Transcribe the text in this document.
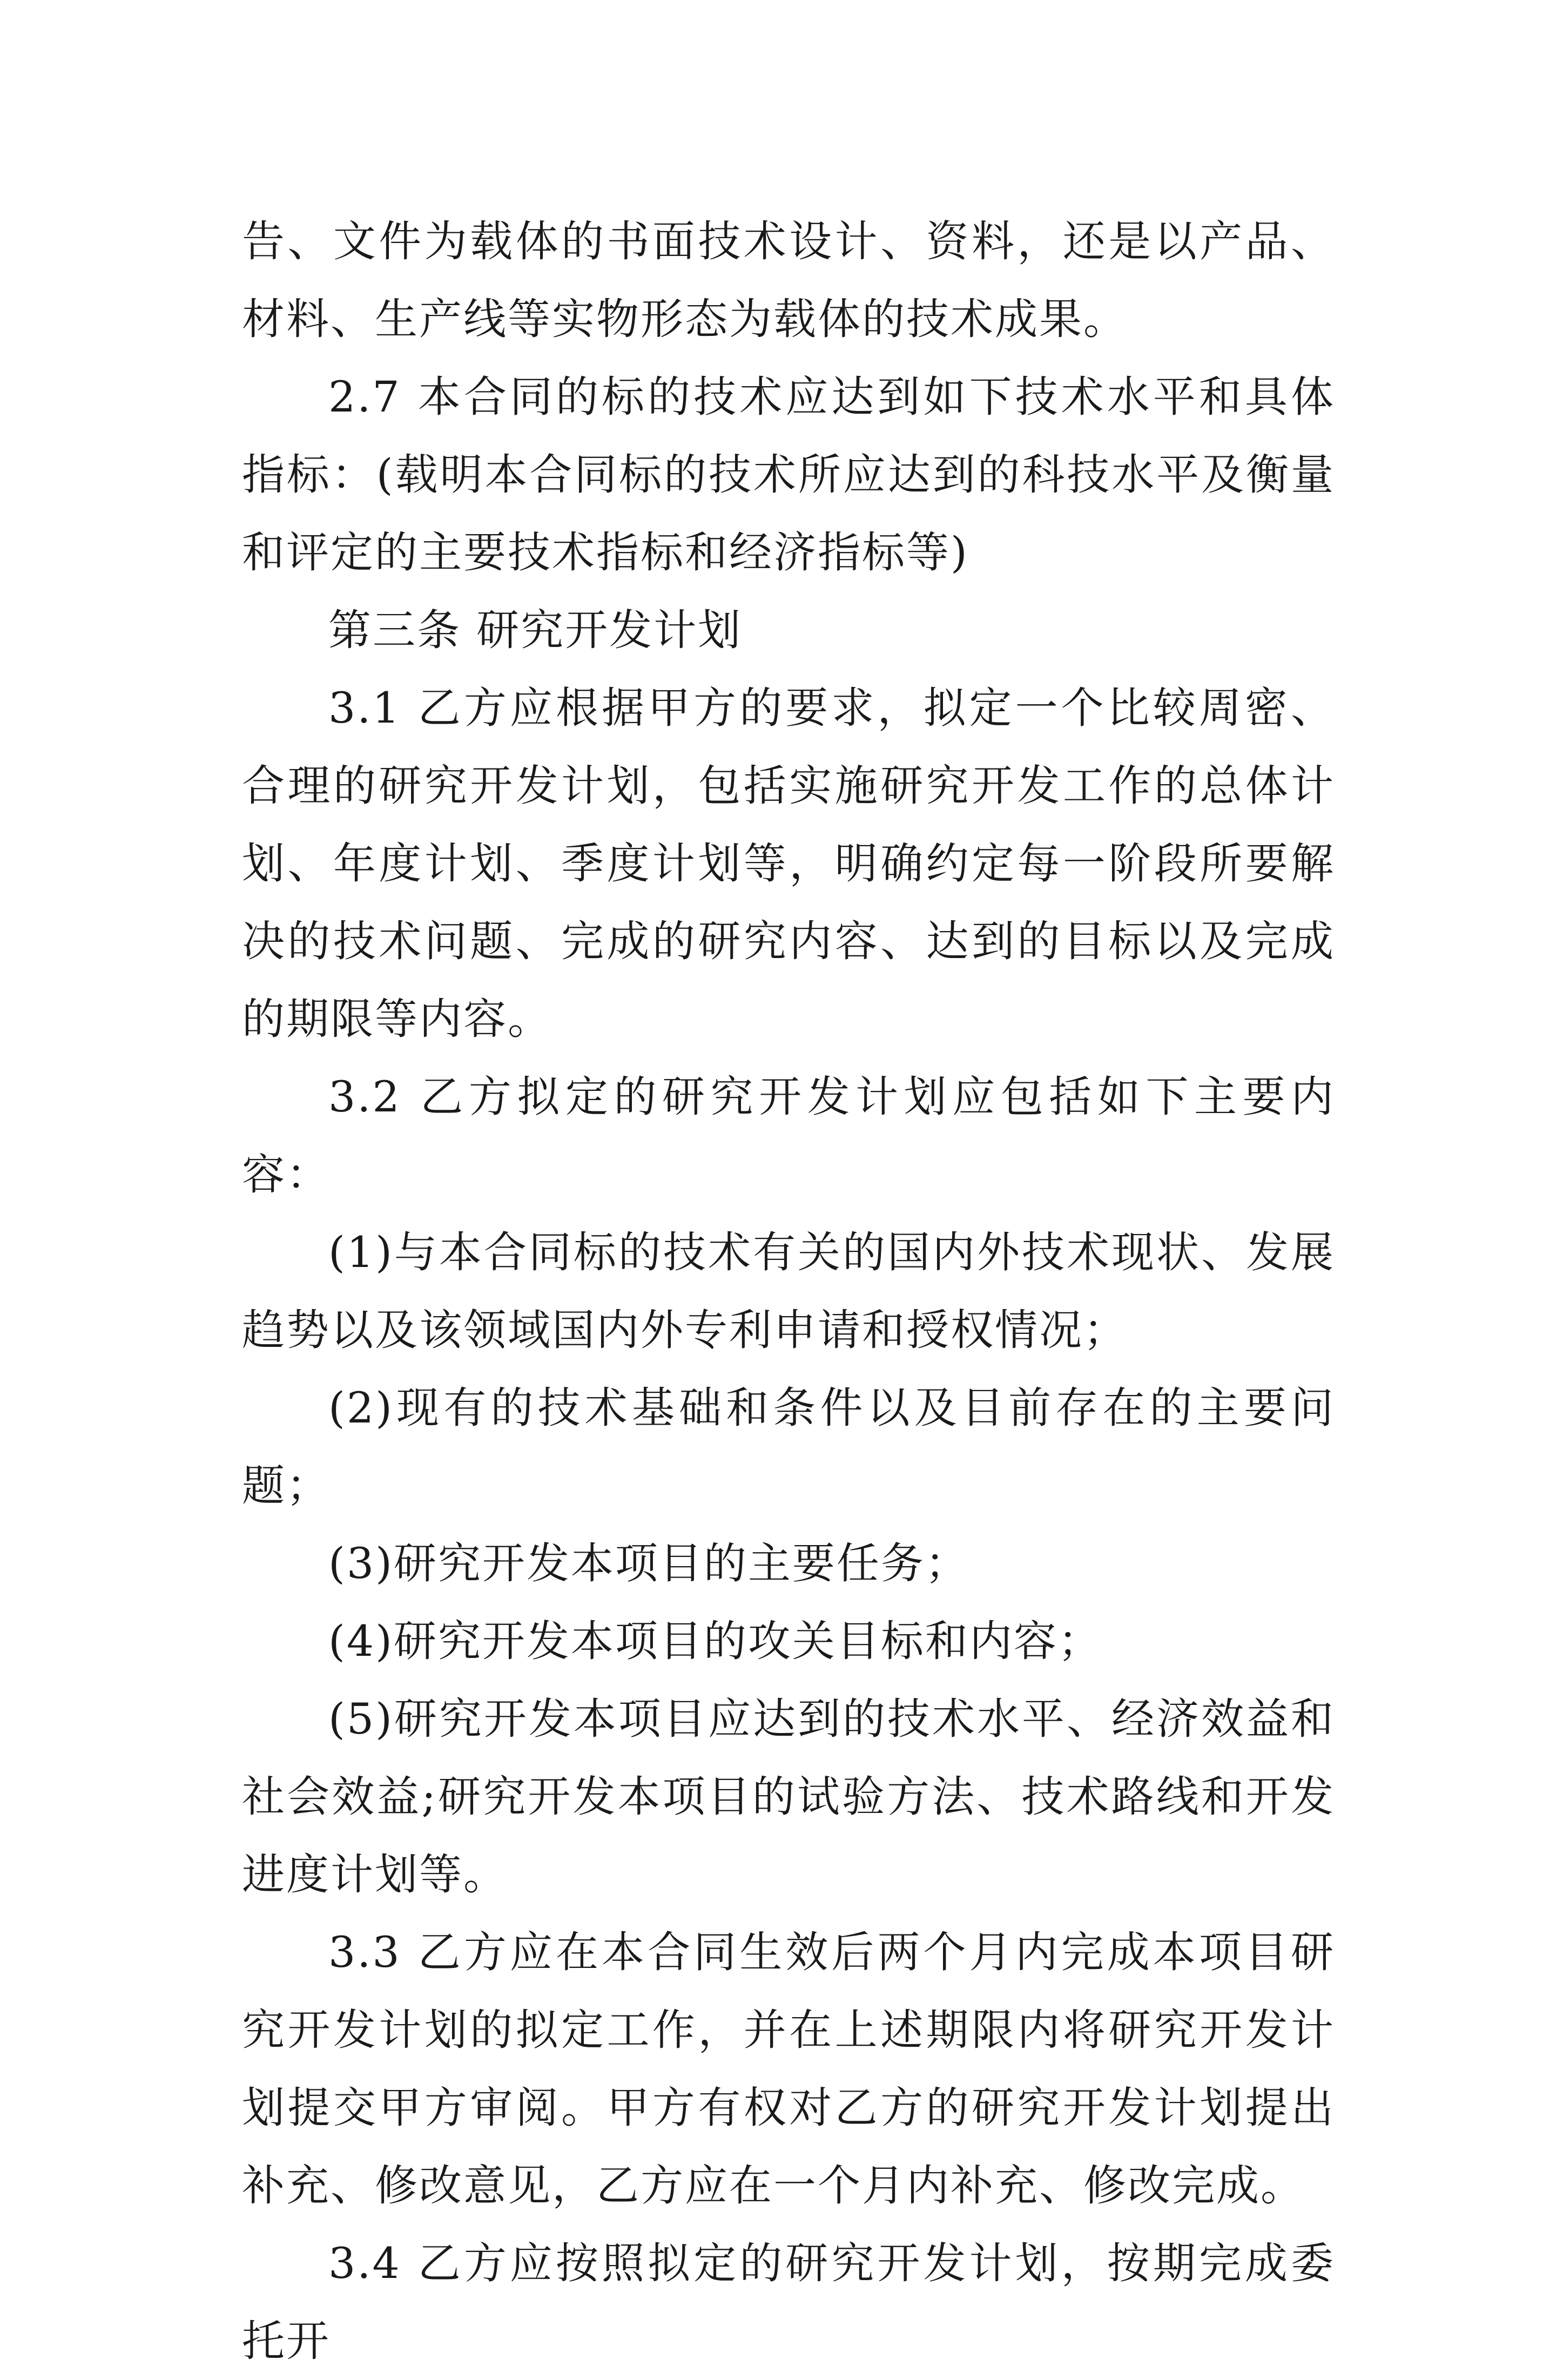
告、文件为载体的书面技术设计、资料，还是以产品、材料、生产线等实物形态为载体的技术成果。

2.7 本合同的标的技术应达到如下技术水平和具体指标：(载明本合同标的技术所应达到的科技水平及衡量和评定的主要技术指标和经济指标等)

第三条 研究开发计划

3.1 乙方应根据甲方的要求，拟定一个比较周密、合理的研究开发计划，包括实施研究开发工作的总体计划、年度计划、季度计划等，明确约定每一阶段所要解决的技术问题、完成的研究内容、达到的目标以及完成的期限等内容。

3.2 乙方拟定的研究开发计划应包括如下主要内容：

(1)与本合同标的技术有关的国内外技术现状、发展趋势以及该领域国内外专利申请和授权情况；

(2)现有的技术基础和条件以及目前存在的主要问题；

(3)研究开发本项目的主要任务；

(4)研究开发本项目的攻关目标和内容；

(5)研究开发本项目应达到的技术水平、经济效益和社会效益;研究开发本项目的试验方法、技术路线和开发进度计划等。

3.3 乙方应在本合同生效后两个月内完成本项目研究开发计划的拟定工作，并在上述期限内将研究开发计划提交甲方审阅。甲方有权对乙方的研究开发计划提出补充、修改意见，乙方应在一个月内补充、修改完成。

3.4 乙方应按照拟定的研究开发计划，按期完成委托开
